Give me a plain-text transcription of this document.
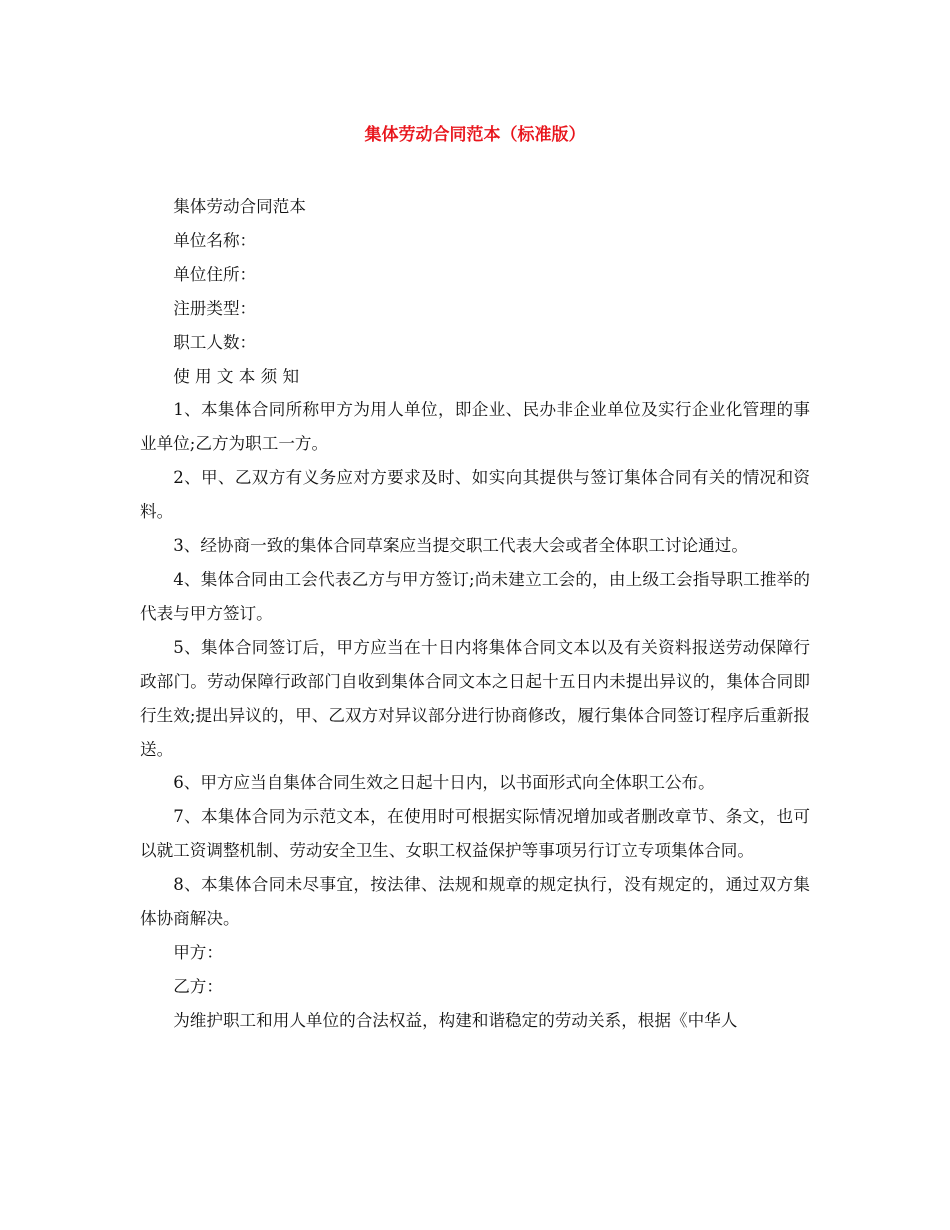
集体劳动合同范本（标准版）

集体劳动合同范本

单位名称：

单位住所：

注册类型：

职工人数：

使 用 文 本 须 知

1、本集体合同所称甲方为用人单位，即企业、民办非企业单位及实行企业化管理的事业单位;乙方为职工一方。

2、甲、乙双方有义务应对方要求及时、如实向其提供与签订集体合同有关的情况和资料。

3、经协商一致的集体合同草案应当提交职工代表大会或者全体职工讨论通过。

4、集体合同由工会代表乙方与甲方签订;尚未建立工会的，由上级工会指导职工推举的代表与甲方签订。

5、集体合同签订后，甲方应当在十日内将集体合同文本以及有关资料报送劳动保障行政部门。劳动保障行政部门自收到集体合同文本之日起十五日内未提出异议的，集体合同即行生效;提出异议的，甲、乙双方对异议部分进行协商修改，履行集体合同签订程序后重新报送。

6、甲方应当自集体合同生效之日起十日内，以书面形式向全体职工公布。

7、本集体合同为示范文本，在使用时可根据实际情况增加或者删改章节、条文，也可以就工资调整机制、劳动安全卫生、女职工权益保护等事项另行订立专项集体合同。

8、本集体合同未尽事宜，按法律、法规和规章的规定执行，没有规定的，通过双方集体协商解决。

甲方：

乙方：

为维护职工和用人单位的合法权益，构建和谐稳定的劳动关系，根据《中华人
